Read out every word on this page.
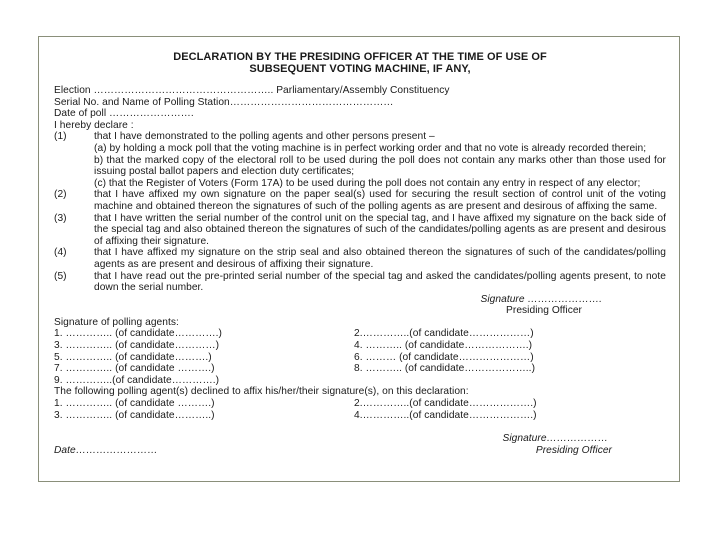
DECLARATION BY THE PRESIDING OFFICER AT THE TIME OF USE OF
SUBSEQUENT VOTING MACHINE, IF ANY,
Election …………………………………………….. Parliamentary/Assembly Constituency
Serial No. and Name of Polling Station…………………………………………
Date of poll …………………….
I hereby declare :
(1)	that I have demonstrated to the polling agents and other persons present –
(a) by holding a mock poll that the voting machine is in perfect working order and that no vote is already recorded therein;
b) that the marked copy of the electoral roll to be used during the poll does not contain any marks other than those used for issuing postal ballot papers and election duty certificates;
(c) that the Register of Voters (Form 17A) to be used during the poll does not contain any entry in respect of any elector;
(2)	that I have affixed my own signature on the paper seal(s) used for securing the result section of control unit of the voting machine and obtained thereon the signatures of such of the polling agents as are present and desirous of affixing the same.
(3)	that I have written the serial number of the control unit on the special tag, and I have affixed my signature on the back side of the special tag and also obtained thereon the signatures of such of the candidates/polling agents as are present and desirous of affixing their signature.
(4)	that I have affixed my signature on the strip seal and also obtained thereon the signatures of such of the candidates/polling agents as are present and desirous of affixing their signature.
(5)	that I have read out the pre-printed serial number of the special tag and asked the candidates/polling agents present, to note down the serial number.
Signature ………………….
Presiding Officer
Signature of polling agents:
1. ………….. (of candidate………….)	2.…………..(of candidate………………)
3. ………….. (of candidate…………)	4. ……….. (of candidate……………….)
5. ………….. (of candidate……….)	6. ……… (of candidate…………………)
7. ………….. (of candidate ……….)	8. ……….. (of candidate………………..)
9. …………..(of candidate………….)
The following polling agent(s) declined to affix his/her/their signature(s), on this declaration:
1. ………….. (of candidate ……….)	2.…………..(of candidate……………….)
3. ………….. (of candidate………..)	4.…………..(of candidate……………….)
Signature………………
Date……………………	Presiding Officer
